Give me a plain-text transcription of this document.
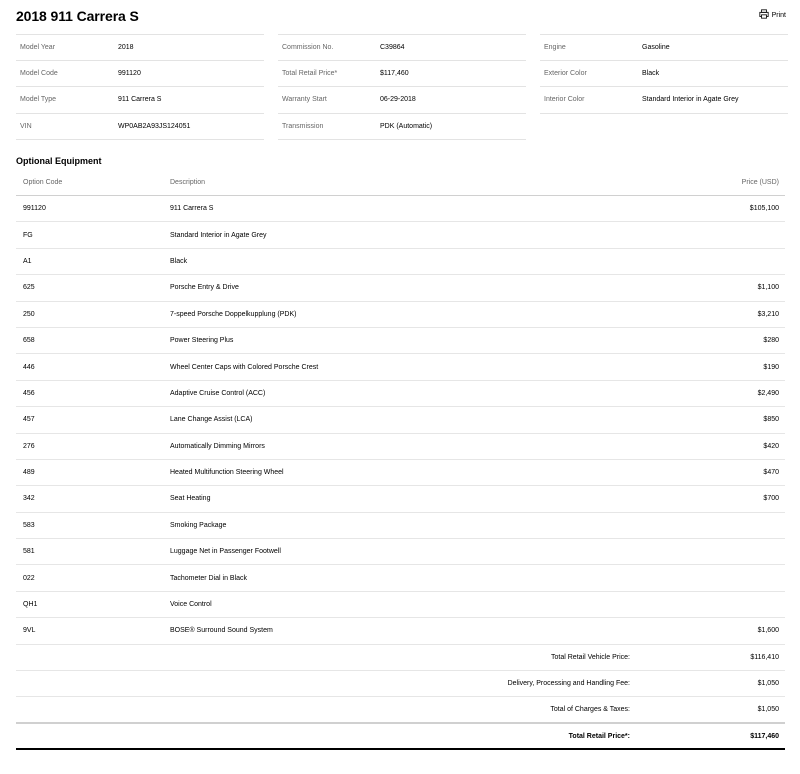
2018 911 Carrera S	Print
Model Year	2018
Model Code	991120
Model Type	911 Carrera S
VIN	WP0AB2A93JS124051
Commission No.	C39864
Total Retail Price*	$117,460
Warranty Start	06-29-2018
Transmission	PDK (Automatic)
Engine	Gasoline
Exterior Color	Black
Interior Color	Standard Interior in Agate Grey
Optional Equipment
Option Code	Description	Price (USD)
991120	911 Carrera S	$105,100
FG	Standard Interior in Agate Grey
A1	Black
625	Porsche Entry & Drive	$1,100
250	7-speed Porsche Doppelkupplung (PDK)	$3,210
658	Power Steering Plus	$280
446	Wheel Center Caps with Colored Porsche Crest	$190
456	Adaptive Cruise Control (ACC)	$2,490
457	Lane Change Assist (LCA)	$850
276	Automatically Dimming Mirrors	$420
489	Heated Multifunction Steering Wheel	$470
342	Seat Heating	$700
583	Smoking Package
581	Luggage Net in Passenger Footwell
022	Tachometer Dial in Black
QH1	Voice Control
9VL	BOSE® Surround Sound System	$1,600
Total Retail Vehicle Price:	$116,410
Delivery, Processing and Handling Fee:	$1,050
Total of Charges & Taxes:	$1,050
Total Retail Price*:	$117,460
